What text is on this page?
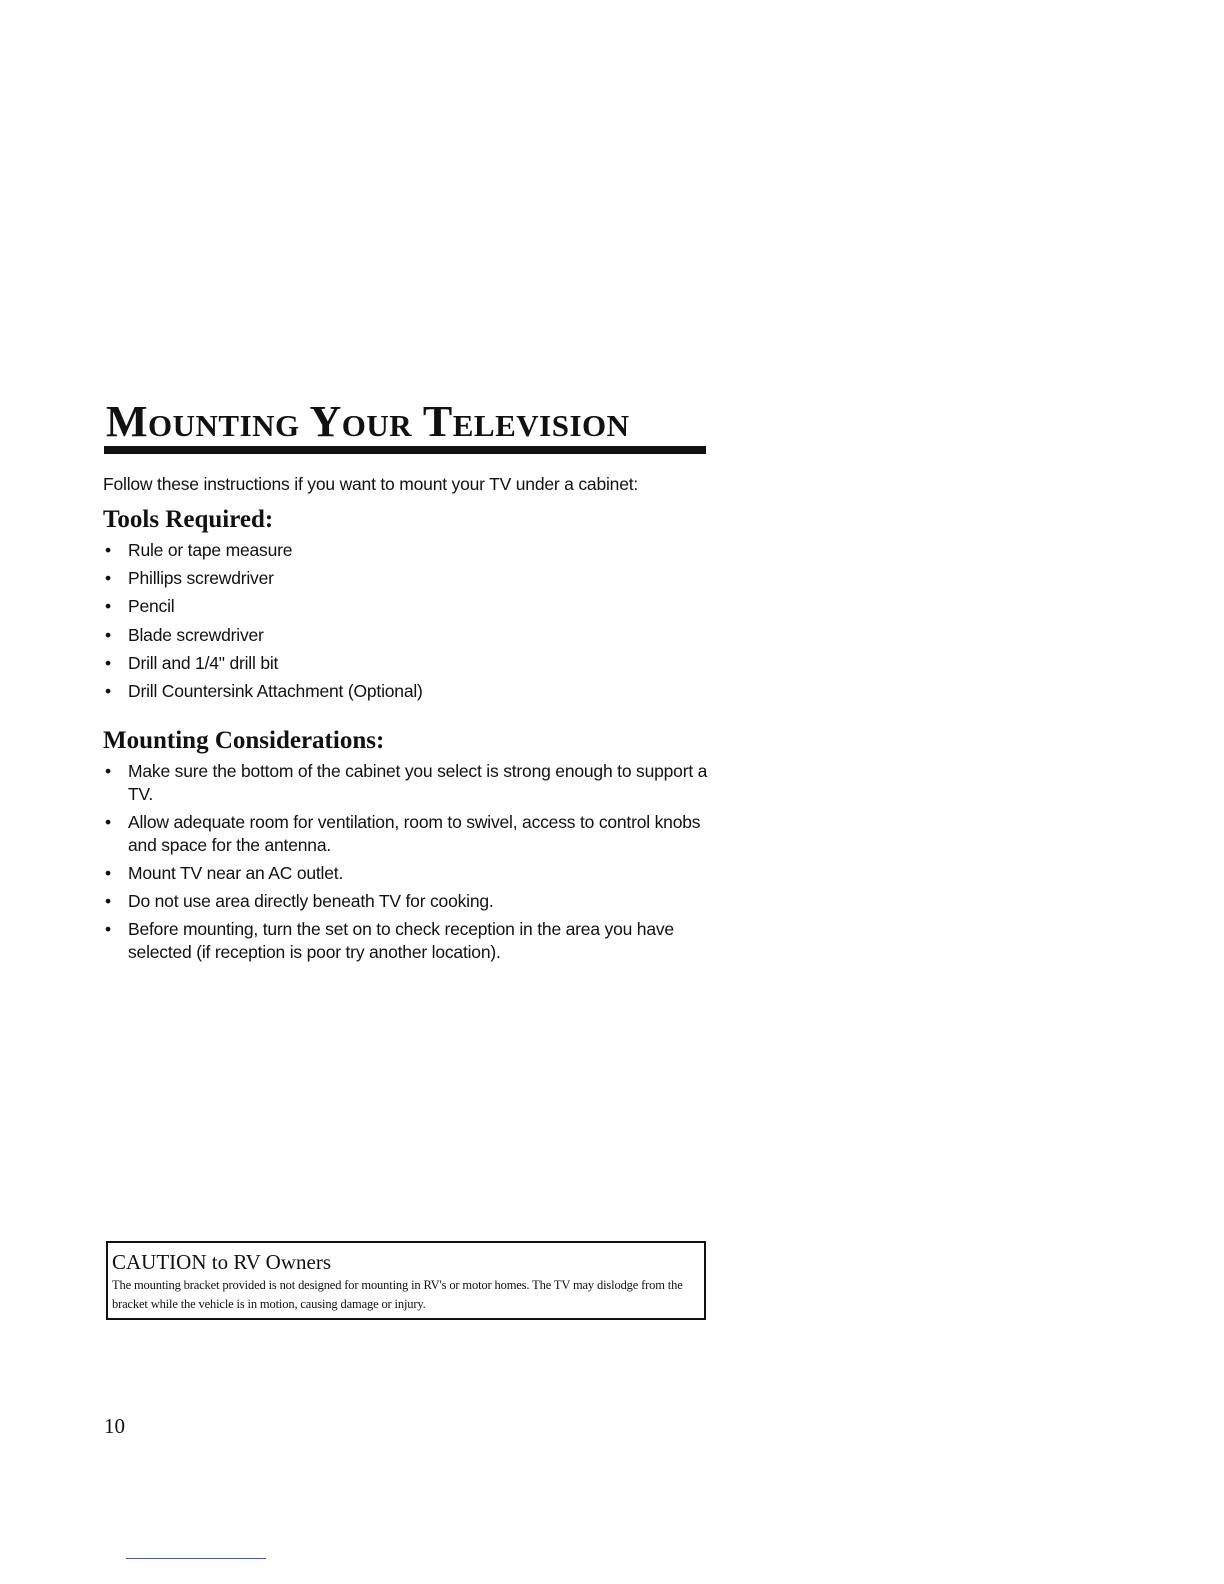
Mounting Your Television

Follow these instructions if you want to mount your TV under a cabinet:

Tools Required:
• Rule or tape measure
• Phillips screwdriver
• Pencil
• Blade screwdriver
• Drill and 1/4" drill bit
• Drill Countersink Attachment (Optional)
Mounting Considerations:
• Make sure the bottom of the cabinet you select is strong enough to support a TV.
• Allow adequate room for ventilation, room to swivel, access to control knobs and space for the antenna.
• Mount TV near an AC outlet.
• Do not use area directly beneath TV for cooking.
• Before mounting, turn the set on to check reception in the area you have selected (if reception is poor try another location).
CAUTION to RV Owners
The mounting bracket provided is not designed for mounting in RV's or motor homes. The TV may dislodge from the bracket while the vehicle is in motion, causing damage or injury.

10
